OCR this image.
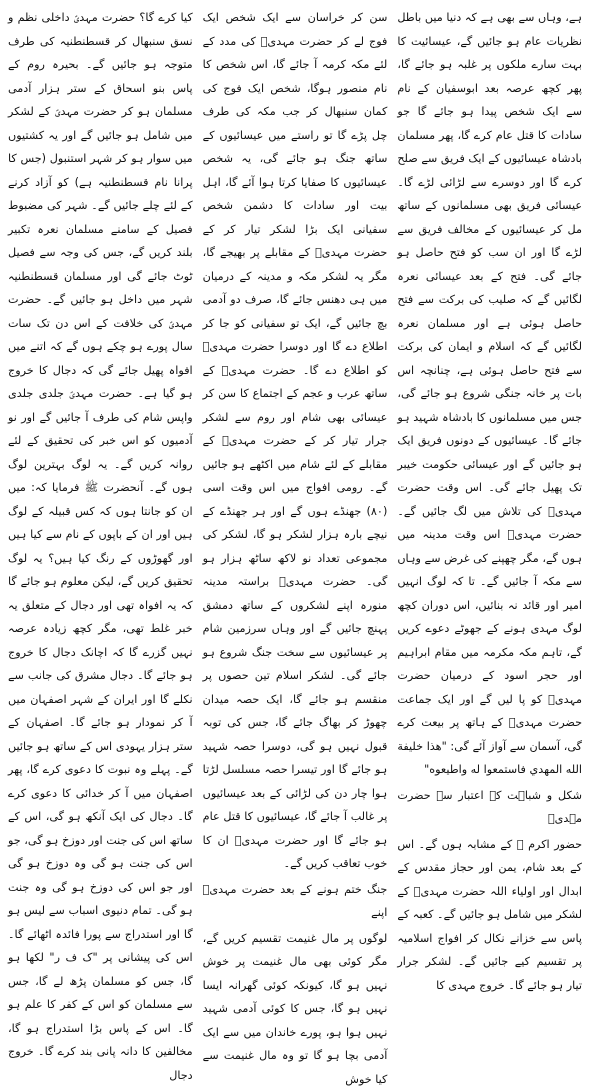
ہے، وہاں سے بھی ہے کہ دنیا میں باطل نظریات عام ہو جائیں گے، عیسائیت کا بہت سارے ملکوں پر غلبہ ہو جائے گا، پھر کچھ عرصہ بعد ابوسفیان کے نام سے ایک شخص پیدا ہو جائے گا جو سادات کا قتل عام کرے گا، پھر مسلمان بادشاہ عیسائیوں کے ایک فریق سے صلح کرے گا اور دوسرے سے لڑائی لڑے گا۔ عیسائی فریق بھی مسلمانوں کے ساتھ مل کر عیسائیوں کے مخالف فریق سے لڑے گا اور ان سب کو فتح حاصل ہو جائے گی۔ فتح کے بعد عیسائی نعرہ لگائیں گے کہ صلیب کی برکت سے فتح حاصل ہوئی ہے اور مسلمان نعرہ لگائیں گے کہ اسلام و ایمان کی برکت سے فتح حاصل ہوئی ہے، چنانچہ اس بات پر خانہ جنگی شروع ہو جائے گی، جس میں مسلمانوں کا بادشاہ شہید ہو جائے گا۔ عیسائیوں کے دونوں فریق ایک ہو جائیں گے اور عیسائی حکومت خیبر تک پھیل جائے گی۔ اس وقت حضرت مہدیؑ کی تلاش میں لگ جائیں گے۔ حضرت مہدیؑ اس وقت مدینہ میں ہوں گے، مگر چھپنے کی غرض سے وہاں سے مکہ آ جائیں گے۔ تا کہ لوگ انہیں امیر اور قائد نہ بنائیں، اس دوران کچھ لوگ مہدی ہونے کے جھوٹے دعوے کریں گے، تاہم مکہ مکرمہ میں مقام ابراہیم اور حجر اسود کے درمیان حضرت مہدیؑ کو پا لیں گے اور ایک جماعت حضرت مہدیؑ کے ہاتھ پر بیعت کرے گی، آسمان سے آواز آئے گی: "هذا خليفة الله المهدي فاستمعوا له واطيعوه"

شکل و شباہت کے اعتبار سے حضرت مہدیؑ

حضور اکرم ﷺ کے مشابہ ہوں گے۔ اس کے بعد شام، یمن اور حجاز مقدس کے ابدال اور اولیاء اللہ حضرت مہدیؑ کے لشکر میں شامل ہو جائیں گے۔ کعبہ کے پاس سے خزانے نکال کر افواج اسلامیہ پر تقسیم کیے جائیں گے۔ لشکر جرار تیار ہو جائے گا۔ خروج مہدی کا

سن کر خراسان سے ایک شخص ایک فوج لے کر حضرت مہدیؑ کی مدد کے لئے مکہ کرمہ آ جائے گا، اس شخص کا نام منصور ہوگا، شخص ایک فوج کی کمان سنبھال کر جب مکہ کی طرف چل پڑے گا تو راستے میں عیسائیوں کے ساتھ جنگ ہو جائے گی، یہ شخص عیسائیوں کا صفایا کرتا ہوا آئے گا، اہل بیت اور سادات کا دشمن شخص سفیانی ایک بڑا لشکر تیار کر کے حضرت مہدیؑ کے مقابلے پر بھیجے گا، مگر یہ لشکر مکہ و مدینہ کے درمیان میں ہی دھنس جائے گا، صرف دو آدمی بچ جائیں گے، ایک تو سفیانی کو جا کر اطلاع دے گا اور دوسرا حضرت مہدیؑ کو اطلاع دے گا۔ حضرت مہدیؑ کے ساتھ عرب و عجم کے اجتماع کا سن کر عیسائی بھی شام اور روم سے لشکر جرار تیار کر کے حضرت مہدیؑ کے مقابلے کے لئے شام میں اکٹھے ہو جائیں گے۔ رومی افواج میں اس وقت اسی (۸۰) جھنڈے ہوں گے اور ہر جھنڈے کے نیچے بارہ ہزار لشکر ہو گا، لشکر کی مجموعی تعداد نو لاکھ ساٹھ ہزار ہو گی۔ حضرت مہدیؑ براستہ مدینہ منورہ اپنے لشکروں کے ساتھ دمشق پہنچ جائیں گے اور وہاں سرزمین شام پر عیسائیوں سے سخت جنگ شروع ہو جائے گی۔ لشکر اسلام تین حصوں پر منقسم ہو جائے گا، ایک حصہ میدان چھوڑ کر بھاگ جائے گا، جس کی توبہ قبول نہیں ہو گی، دوسرا حصہ شہید ہو جائے گا اور تیسرا حصہ مسلسل لڑتا ہوا چار دن کی لڑائی کے بعد عیسائیوں پر غالب آ جائے گا، عیسائیوں کا قتل عام ہو جائے گا اور حضرت مہدیؑ ان کا خوب تعاقب کریں گے۔

جنگ ختم ہونے کے بعد حضرت مہدیؑ اپنے

لوگوں پر مال غنیمت تقسیم کریں گے، مگر کوئی بھی مال غنیمت پر خوش نہیں ہو گا، کیونکہ کوئی گھرانہ ایسا نہیں ہو گا، جس کا کوئی آدمی شہید نہیں ہوا ہو، پورے خاندان میں سے ایک آدمی بچا ہو گا تو وہ مال غنیمت سے کیا خوش

کیا کرے گا؟ حضرت مہدیؑ داخلی نظم و نسق سنبھال کر قسطنطنیہ کی طرف متوجہ ہو جائیں گے۔ بحیرہ روم کے پاس بنو اسحاق کے ستر ہزار آدمی مسلمان ہو کر حضرت مہدیؑ کے لشکر میں شامل ہو جائیں گے اور یہ کشتیوں میں سوار ہو کر شہر استنبول (جس کا پرانا نام قسطنطنیہ ہے) کو آزاد کرنے کے لئے چلے جائیں گے۔ شہر کی مضبوط فصیل کے سامنے مسلمان نعرہ تکبیر بلند کریں گے، جس کی وجہ سے فصیل ٹوٹ جائے گی اور مسلمان قسطنطنیہ شہر میں داخل ہو جائیں گے۔ حضرت مہدیؑ کی خلافت کے اس دن تک سات سال پورے ہو چکے ہوں گے کہ اتنے میں افواہ پھیل جائے گی کہ دجال کا خروج ہو گیا ہے۔ حضرت مہدیؑ جلدی جلدی واپس شام کی طرف آ جائیں گے اور نو آدمیوں کو اس خبر کی تحقیق کے لئے روانہ کریں گے۔ یہ لوگ بہترین لوگ ہوں گے۔ آنحضرت ﷺ فرمایا کہ: میں ان کو جانتا ہوں کہ کس قبیلہ کے لوگ ہیں اور ان کے باپوں کے نام سے کیا ہیں اور گھوڑوں کے رنگ کیا ہیں؟ یہ لوگ تحقیق کریں گے، لیکن معلوم ہو جائے گا کہ یہ افواہ تھی اور دجال کے متعلق یہ خبر غلط تھی، مگر کچھ زیادہ عرصہ نہیں گزرے گا کہ اچانک دجال کا خروج ہو جائے گا۔ دجال مشرق کی جانب سے نکلے گا اور ایران کے شہر اصفہان میں آ کر نمودار ہو جائے گا۔ اصفہان کے ستر ہزار یہودی اس کے ساتھ ہو جائیں گے۔ پہلے وہ نبوت کا دعوی کرے گا، پھر اصفہان میں آ کر خدائی کا دعوی کرے گا۔ دجال کی ایک آنکھ ہو گی، اس کے ساتھ اس کی جنت اور دوزخ ہو گی، جو اس کی جنت ہو گی وہ دوزخ ہو گی اور جو اس کی دوزخ ہو گی وہ جنت ہو گی۔ تمام دنیوی اسباب سے لیس ہو گا اور استدراج سے پورا فائدہ اٹھائے گا۔ اس کی پیشانی پر "ک ف ر" لکھا ہو گا، جس کو مسلمان پڑھ لے گا، جس سے مسلمان کو اس کے کفر کا علم ہو گا۔ اس کے پاس بڑا استدراج ہو گا، مخالفین کا دانہ پانی بند کرے گا۔ خروج دجال
